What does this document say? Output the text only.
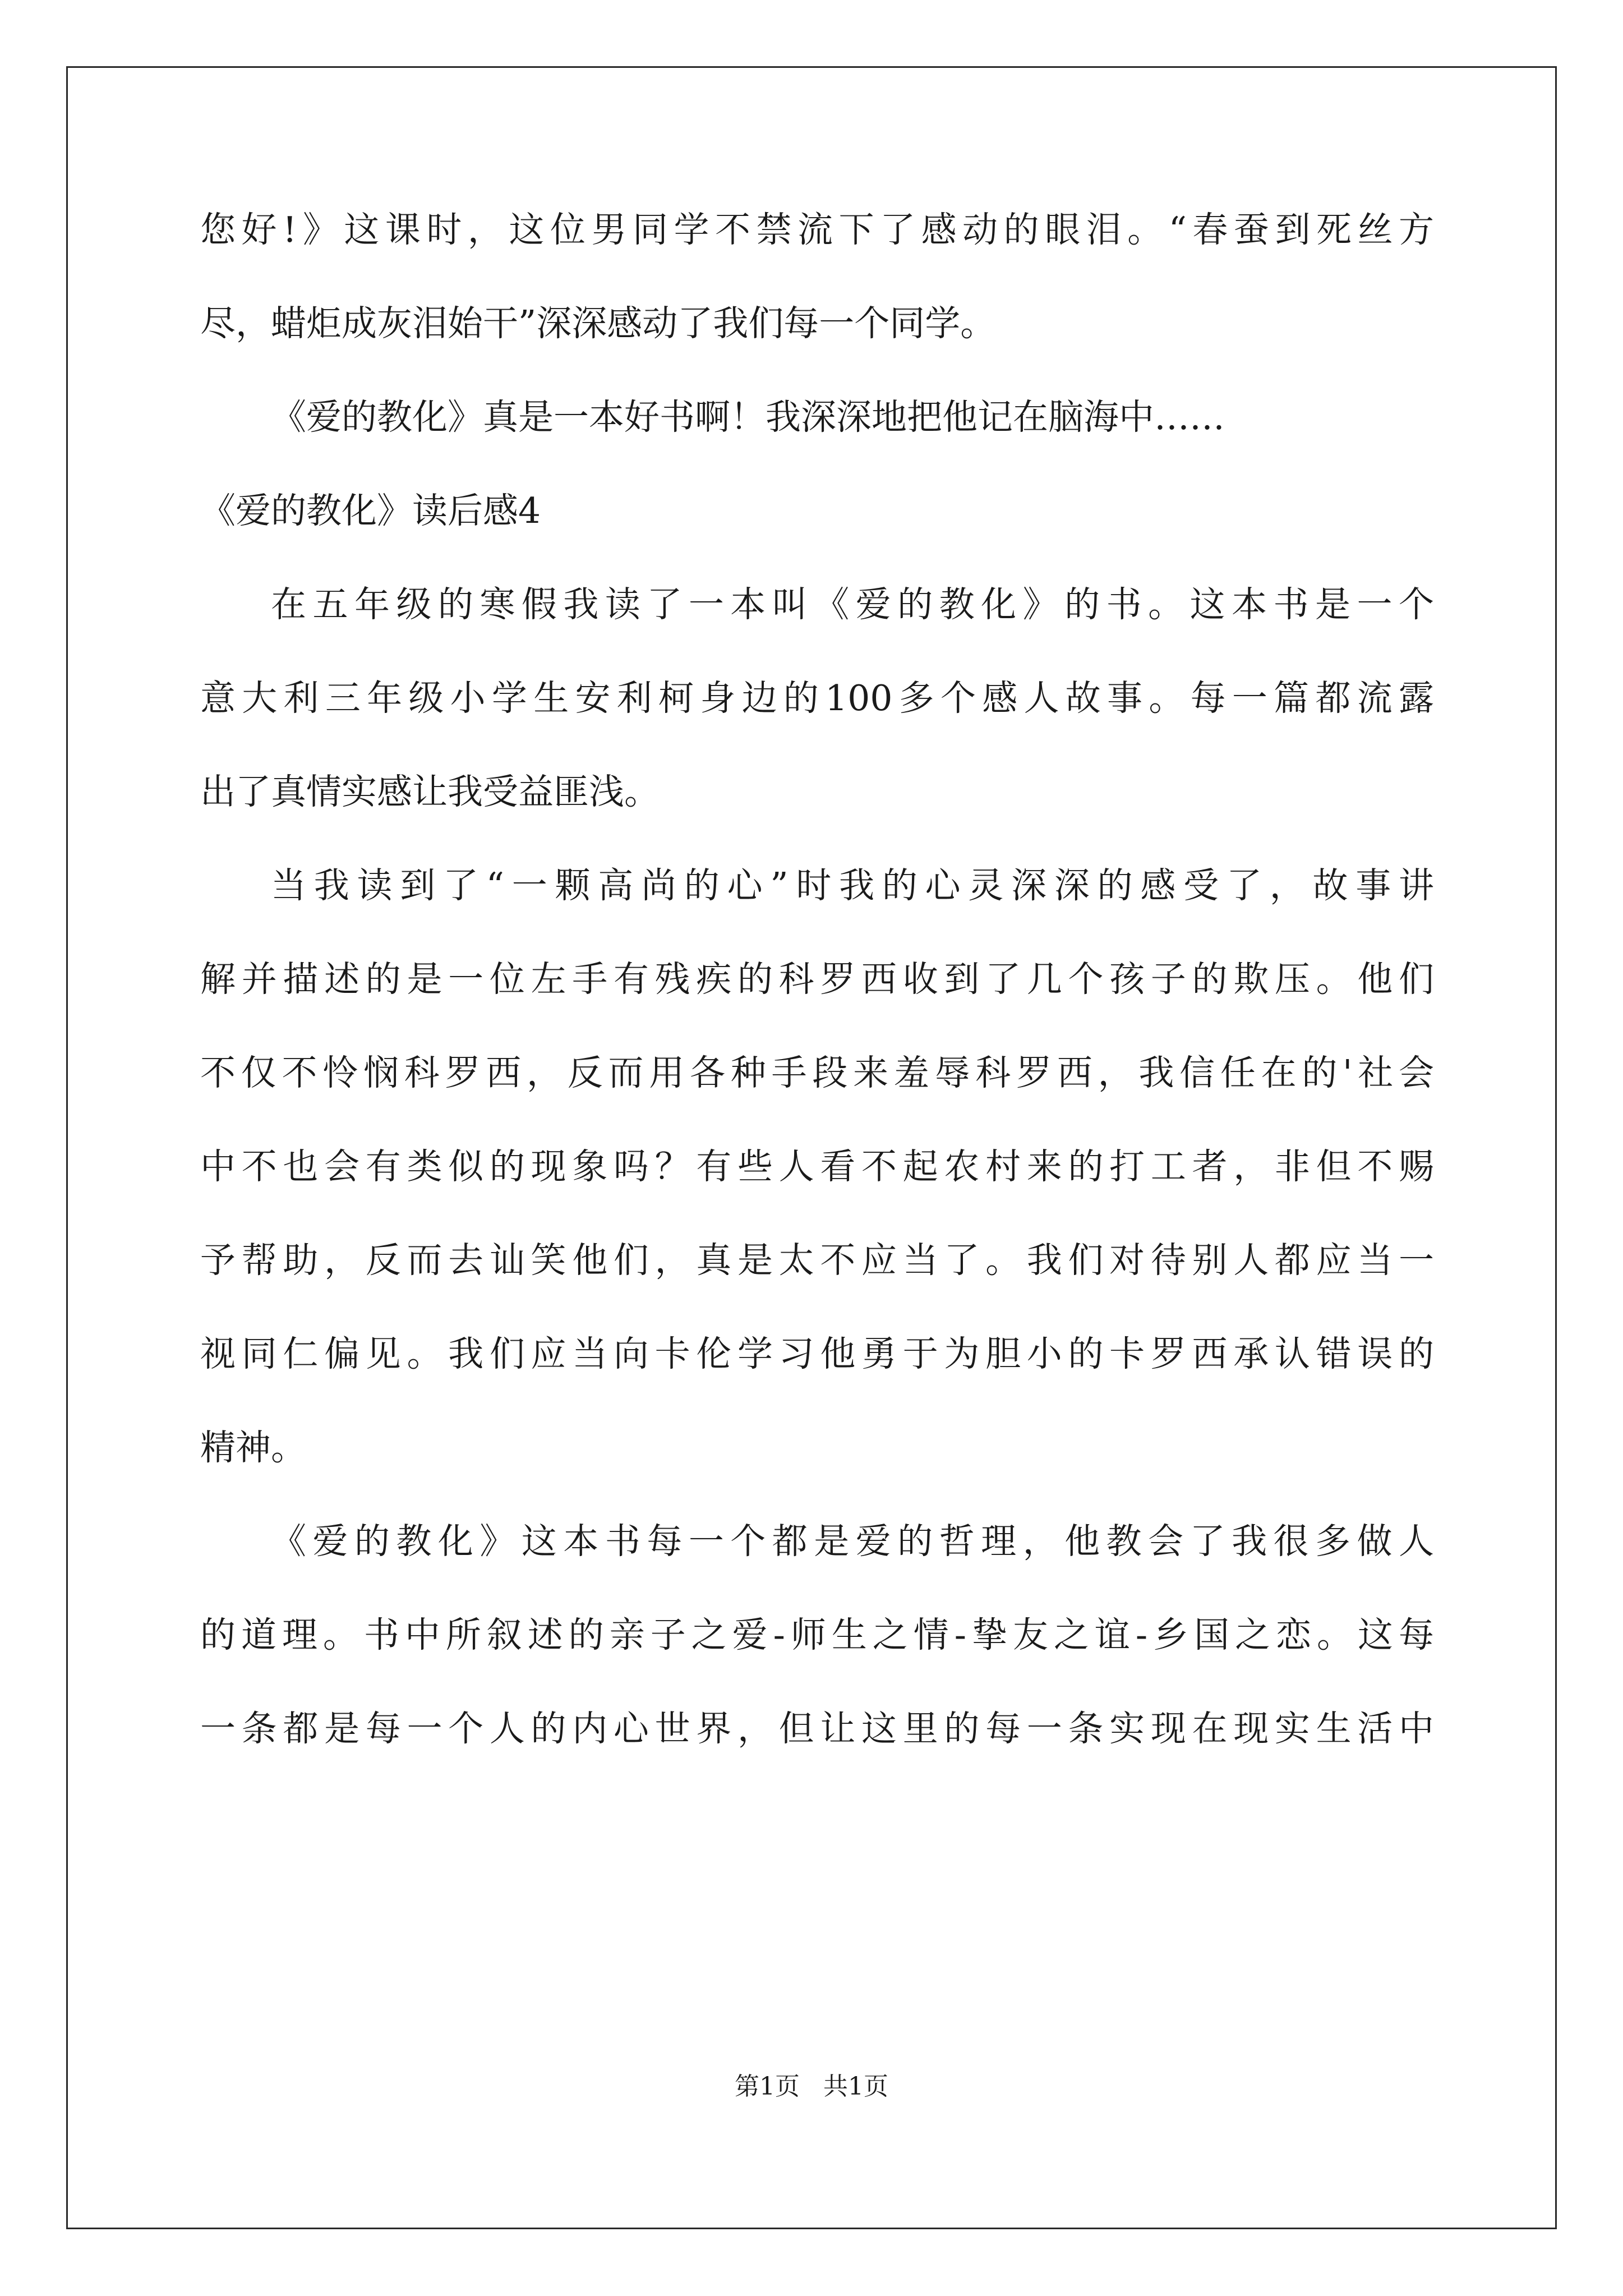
您好!》这课时，这位男同学不禁流下了感动的眼泪。“春蚕到死丝方
尽，蜡炬成灰泪始干”深深感动了我们每一个同学。
《爱的教化》真是一本好书啊！我深深地把他记在脑海中……
《爱的教化》读后感4
在五年级的寒假我读了一本叫《爱的教化》的书。这本书是一个
意大利三年级小学生安利柯身边的100多个感人故事。每一篇都流露
出了真情实感让我受益匪浅。
当我读到了“一颗高尚的心”时我的心灵深深的感受了，故事讲
解并描述的是一位左手有残疾的科罗西收到了几个孩子的欺压。他们
不仅不怜悯科罗西，反而用各种手段来羞辱科罗西，我信任在的'社会
中不也会有类似的现象吗？有些人看不起农村来的打工者，非但不赐
予帮助，反而去讪笑他们，真是太不应当了。我们对待别人都应当一
视同仁偏见。我们应当向卡伦学习他勇于为胆小的卡罗西承认错误的
精神。
《爱的教化》这本书每一个都是爱的哲理，他教会了我很多做人
的道理。书中所叙述的亲子之爱-师生之情-挚友之谊-乡国之恋。这每
一条都是每一个人的内心世界，但让这里的每一条实现在现实生活中
第1页   共1页
